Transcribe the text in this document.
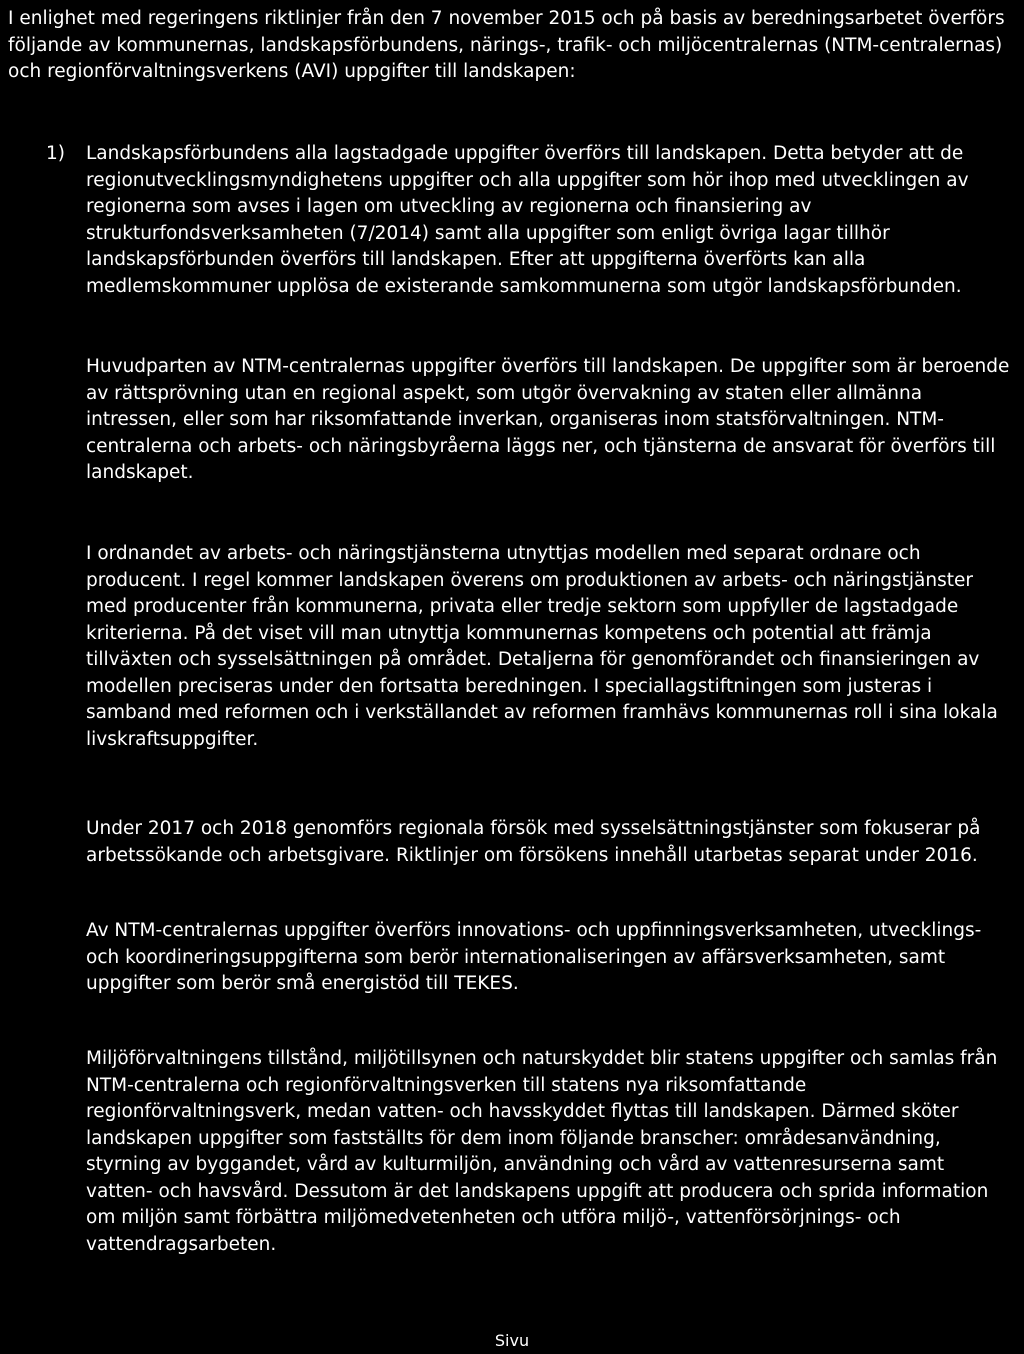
I enlighet med regeringens riktlinjer från den 7 november 2015 och på basis av beredningsarbetet överförs följande av kommunernas, landskapsförbundens, närings-, trafik- och miljöcentralernas (NTM-centralernas) och regionförvaltningsverkens (AVI) uppgifter till landskapen:

1) Landskapsförbundens alla lagstadgade uppgifter överförs till landskapen. Detta betyder att de regionutvecklingsmyndighetens uppgifter och alla uppgifter som hör ihop med utvecklingen av regionerna som avses i lagen om utveckling av regionerna och finansiering av strukturfondsverksamheten (7/2014) samt alla uppgifter som enligt övriga lagar tillhör landskapsförbunden överförs till landskapen. Efter att uppgifterna överförts kan alla medlemskommuner upplösa de existerande samkommunerna som utgör landskapsförbunden.

Huvudparten av NTM-centralernas uppgifter överförs till landskapen. De uppgifter som är beroende av rättsprövning utan en regional aspekt, som utgör övervakning av staten eller allmänna intressen, eller som har riksomfattande inverkan, organiseras inom statsförvaltningen. NTM-centralerna och arbets- och näringsbyråerna läggs ner, och tjänsterna de ansvarat för överförs till landskapet.

I ordnandet av arbets- och näringstjänsterna utnyttjas modellen med separat ordnare och producent. I regel kommer landskapen överens om produktionen av arbets- och näringstjänster med producenter från kommunerna, privata eller tredje sektorn som uppfyller de lagstadgade kriterierna. På det viset vill man utnyttja kommunernas kompetens och potential att främja tillväxten och sysselsättningen på området. Detaljerna för genomförandet och finansieringen av modellen preciseras under den fortsatta beredningen. I speciallagstiftningen som justeras i samband med reformen och i verkställandet av reformen framhävs kommunernas roll i sina lokala livskraftsuppgifter.

Under 2017 och 2018 genomförs regionala försök med sysselsättningstjänster som fokuserar på arbetssökande och arbetsgivare. Riktlinjer om försökens innehåll utarbetas separat under 2016.

Av NTM-centralernas uppgifter överförs innovations- och uppfinningsverksamheten, utvecklings- och koordineringsuppgifterna som berör internationaliseringen av affärsverksamheten, samt uppgifter som berör små energistöd till TEKES.

Miljöförvaltningens tillstånd, miljötillsynen och naturskyddet blir statens uppgifter och samlas från NTM-centralerna och regionförvaltningsverken till statens nya riksomfattande regionförvaltningsverk, medan vatten- och havsskyddet flyttas till landskapen. Därmed sköter landskapen uppgifter som fastställts för dem inom följande branscher: områdesanvändning, styrning av byggandet, vård av kulturmiljön, användning och vård av vattenresurserna samt vatten- och havsvård. Dessutom är det landskapens uppgift att producera och sprida information om miljön samt förbättra miljömedvetenheten och utföra miljö-, vattenförsörjnings- och vattendragsarbeten.

Sivu
